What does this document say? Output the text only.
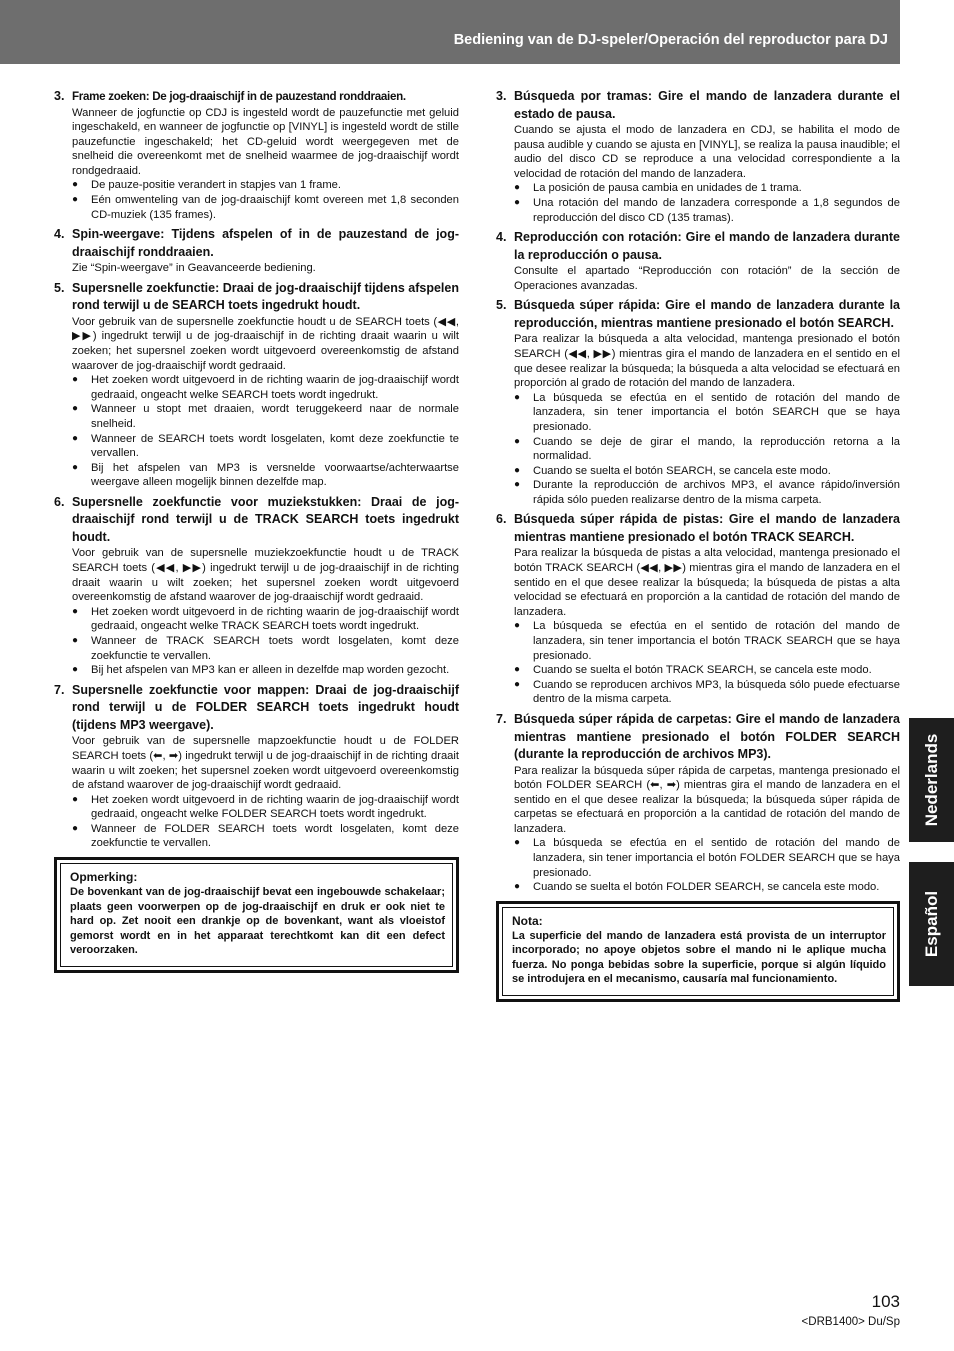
Bediening van de DJ-speler/Operación del reproductor para DJ
3. Frame zoeken: De jog-draaischijf in de pauzestand ronddraaien.
Wanneer de jogfunctie op CDJ is ingesteld wordt de pauzefunctie met geluid ingeschakeld, en wanneer de jogfunctie op [VINYL] is ingesteld wordt de stille pauzefunctie ingeschakeld; het CD-geluid wordt weergegeven met de snelheid die overeenkomt met de snelheid waarmee de jog-draaischijf wordt rondgedraaid.
● De pauze-positie verandert in stapjes van 1 frame.
● Eén omwenteling van de jog-draaischijf komt overeen met 1,8 seconden CD-muziek (135 frames).
4. Spin-weergave: Tijdens afspelen of in de pauzestand de jog-draaischijf ronddraaien.
Zie “Spin-weergave” in Geavanceerde bediening.
5. Supersnelle zoekfunctie: Draai de jog-draaischijf tijdens afspelen rond terwijl u de SEARCH toets ingedrukt houdt.
Voor gebruik van de supersnelle zoekfunctie houdt u de SEARCH toets (◀◀, ▶▶) ingedrukt terwijl u de jog-draaischijf in de richting draait waarin u wilt zoeken; het supersnel zoeken wordt uitgevoerd overeenkomstig de afstand waarover de jog-draaischijf wordt gedraaid.
● Het zoeken wordt uitgevoerd in de richting waarin de jog-draaischijf wordt gedraaid, ongeacht welke SEARCH toets wordt ingedrukt.
● Wanneer u stopt met draaien, wordt teruggekeerd naar de normale snelheid.
● Wanneer de SEARCH toets wordt losgelaten, komt deze zoekfunctie te vervallen.
● Bij het afspelen van MP3 is versnelde voorwaartse/achterwaartse weergave alleen mogelijk binnen dezelfde map.
6. Supersnelle zoekfunctie voor muziekstukken: Draai de jog-draaischijf rond terwijl u de TRACK SEARCH toets ingedrukt houdt.
Voor gebruik van de supersnelle muziekzoekfunctie houdt u de TRACK SEARCH toets (◀◀, ▶▶) ingedrukt terwijl u de jog-draaischijf in de richting draait waarin u wilt zoeken; het supersnel zoeken wordt uitgevoerd overeenkomstig de afstand waarover de jog-draaischijf wordt gedraaid.
● Het zoeken wordt uitgevoerd in de richting waarin de jog-draaischijf wordt gedraaid, ongeacht welke TRACK SEARCH toets wordt ingedrukt.
● Wanneer de TRACK SEARCH toets wordt losgelaten, komt deze zoekfunctie te vervallen.
● Bij het afspelen van MP3 kan er alleen in dezelfde map worden gezocht.
7. Supersnelle zoekfunctie voor mappen: Draai de jog-draaischijf rond terwijl u de FOLDER SEARCH toets ingedrukt houdt (tijdens MP3 weergave).
Voor gebruik van de supersnelle mapzoekfunctie houdt u de FOLDER SEARCH toets (⬅, ➡) ingedrukt terwijl u de jog-draaischijf in de richting draait waarin u wilt zoeken; het supersnel zoeken wordt uitgevoerd overeenkomstig de afstand waarover de jog-draaischijf wordt gedraaid.
● Het zoeken wordt uitgevoerd in de richting waarin de jog-draaischijf wordt gedraaid, ongeacht welke FOLDER SEARCH toets wordt ingedrukt.
● Wanneer de FOLDER SEARCH toets wordt losgelaten, komt deze zoekfunctie te vervallen.
Opmerking:
De bovenkant van de jog-draaischijf bevat een ingebouwde schakelaar; plaats geen voorwerpen op de jog-draaischijf en druk er ook niet te hard op. Zet nooit een drankje op de bovenkant, want als vloeistof gemorst wordt en in het apparaat terechtkomt kan dit een defect veroorzaken.
3. Búsqueda por tramas: Gire el mando de lanzadera durante el estado de pausa.
Cuando se ajusta el modo de lanzadera en CDJ, se habilita el modo de pausa audible y cuando se ajusta en [VINYL], se realiza la pausa inaudible; el audio del disco CD se reproduce a una velocidad correspondiente a la velocidad de rotación del mando de lanzadera.
● La posición de pausa cambia en unidades de 1 trama.
● Una rotación del mando de lanzadera corresponde a 1,8 segundos de reproducción del disco CD (135 tramas).
4. Reproducción con rotación: Gire el mando de lanzadera durante la reproducción o pausa.
Consulte el apartado “Reproducción con rotación” de la sección de Operaciones avanzadas.
5. Búsqueda súper rápida: Gire el mando de lanzadera durante la reproducción, mientras mantiene presionado el botón SEARCH.
Para realizar la búsqueda a alta velocidad, mantenga presionado el botón SEARCH (◀◀, ▶▶) mientras gira el mando de lanzadera en el sentido en el que desee realizar la búsqueda; la búsqueda a alta velocidad se efectuará en proporción al grado de rotación del mando de lanzadera.
● La búsqueda se efectúa en el sentido de rotación del mando de lanzadera, sin tener importancia el botón SEARCH que se haya presionado.
● Cuando se deje de girar el mando, la reproducción retorna a la normalidad.
● Cuando se suelta el botón SEARCH, se cancela este modo.
● Durante la reproducción de archivos MP3, el avance rápido/inversión rápida sólo pueden realizarse dentro de la misma carpeta.
6. Búsqueda súper rápida de pistas: Gire el mando de lanzadera mientras mantiene presionado el botón TRACK SEARCH.
Para realizar la búsqueda de pistas a alta velocidad, mantenga presionado el botón TRACK SEARCH (◀◀, ▶▶) mientras gira el mando de lanzadera en el sentido en el que desee realizar la búsqueda; la búsqueda de pistas a alta velocidad se efectuará en proporción a la cantidad de rotación del mando de lanzadera.
● La búsqueda se efectúa en el sentido de rotación del mando de lanzadera, sin tener importancia el botón TRACK SEARCH que se haya presionado.
● Cuando se suelta el botón TRACK SEARCH, se cancela este modo.
● Cuando se reproducen archivos MP3, la búsqueda sólo puede efectuarse dentro de la misma carpeta.
7. Búsqueda súper rápida de carpetas: Gire el mando de lanzadera mientras mantiene presionado el botón FOLDER SEARCH (durante la reproducción de archivos MP3).
Para realizar la búsqueda súper rápida de carpetas, mantenga presionado el botón FOLDER SEARCH (⬅, ➡) mientras gira el mando de lanzadera en el sentido en el que desee realizar la búsqueda; la búsqueda súper rápida de carpetas se efectuará en proporción a la cantidad de rotación del mando de lanzadera.
● La búsqueda se efectúa en el sentido de rotación del mando de lanzadera, sin tener importancia el botón FOLDER SEARCH que se haya presionado.
● Cuando se suelta el botón FOLDER SEARCH, se cancela este modo.
Nota:
La superficie del mando de lanzadera está provista de un interruptor incorporado; no apoye objetos sobre el mando ni le aplique mucha fuerza. No ponga bebidas sobre la superficie, porque si algún líquido se introdujera en el mecanismo, causaría mal funcionamiento.
Nederlands
Español
103
<DRB1400> Du/Sp
